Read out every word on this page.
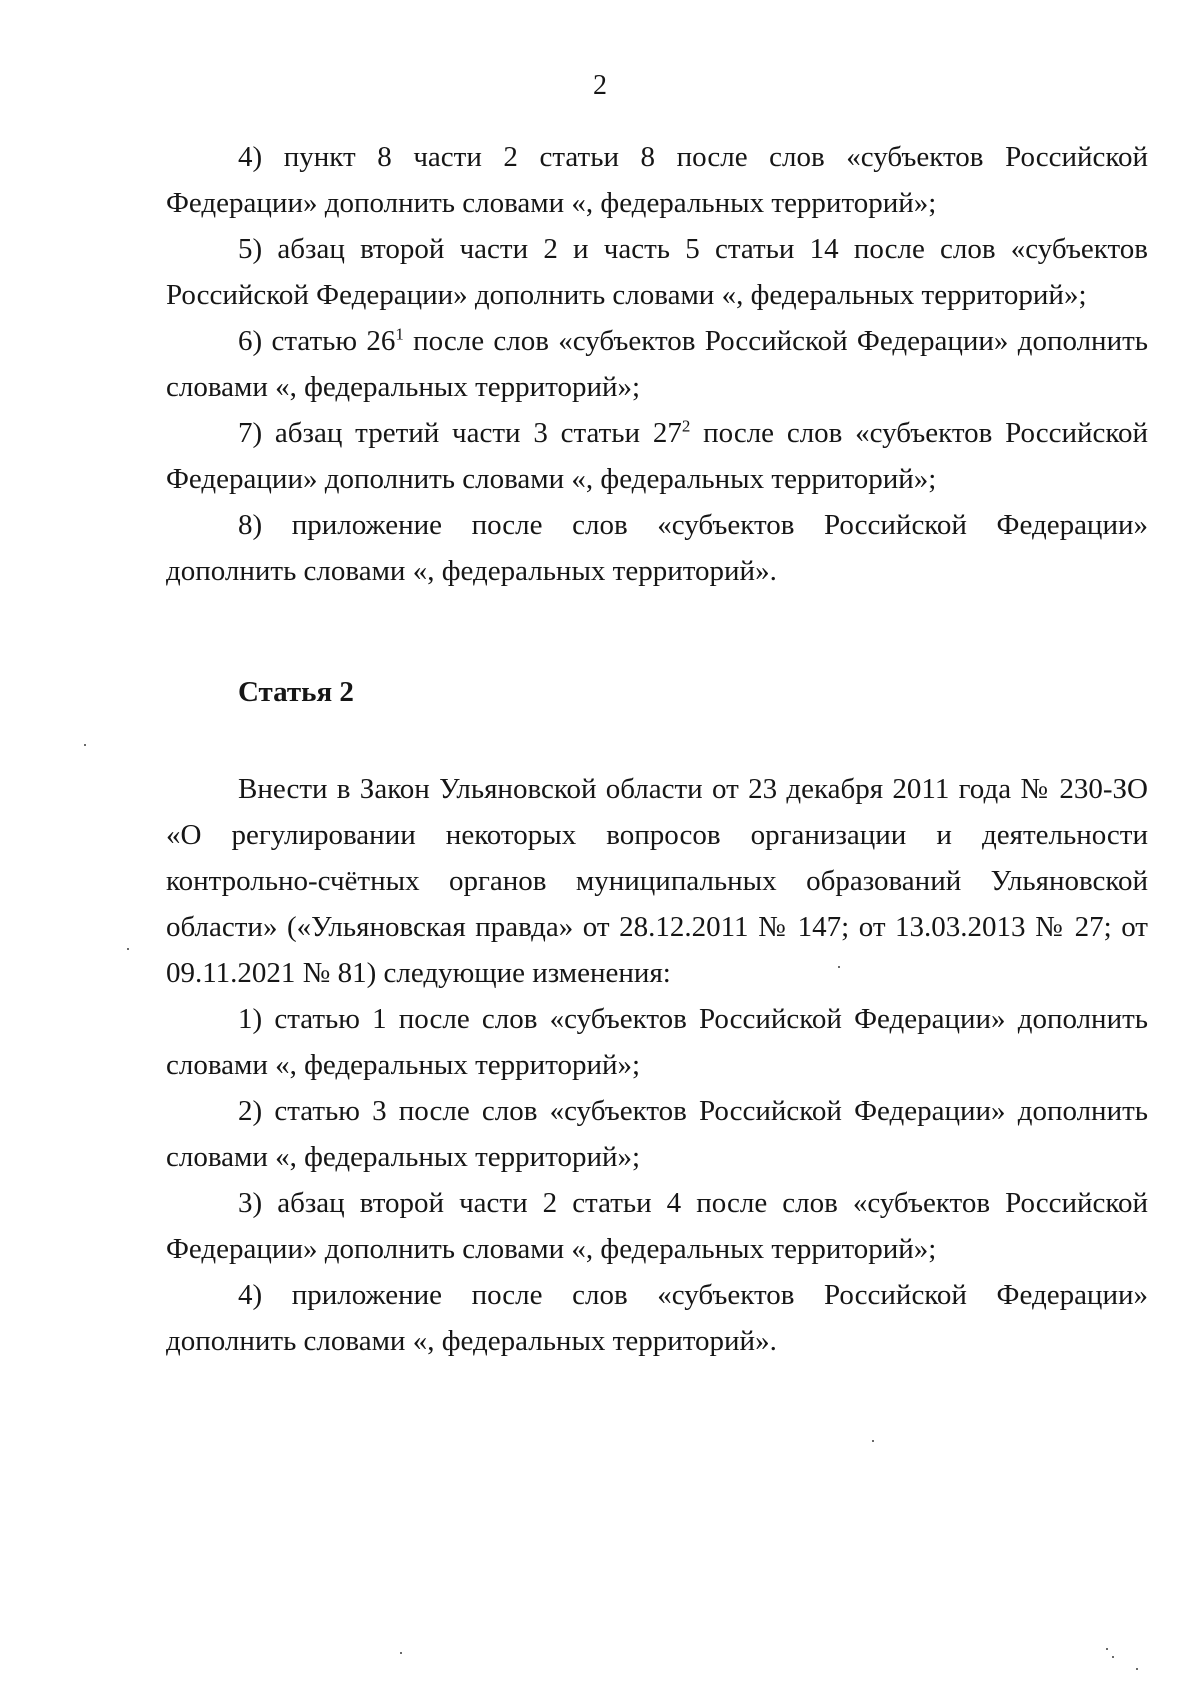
2

4) пункт 8 части 2 статьи 8 после слов «субъектов Российской Федерации» дополнить словами «, федеральных территорий»;

5) абзац второй части 2 и часть 5 статьи 14 после слов «субъектов Российской Федерации» дополнить словами «, федеральных территорий»;

6) статью $26^1$ после слов «субъектов Российской Федерации» дополнить словами «, федеральных территорий»;

7) абзац третий части 3 статьи $27^2$ после слов «субъектов Российской Федерации» дополнить словами «, федеральных территорий»;

8) приложение после слов «субъектов Российской Федерации» дополнить словами «, федеральных территорий».

Статья 2

Внести в Закон Ульяновской области от 23 декабря 2011 года № 230-ЗО «О регулировании некоторых вопросов организации и деятельности контрольно-счётных органов муниципальных образований Ульяновской области» («Ульяновская правда» от 28.12.2011 № 147; от 13.03.2013 № 27; от 09.11.2021 № 81) следующие изменения:

1) статью 1 после слов «субъектов Российской Федерации» дополнить словами «, федеральных территорий»;

2) статью 3 после слов «субъектов Российской Федерации» дополнить словами «, федеральных территорий»;

3) абзац второй части 2 статьи 4 после слов «субъектов Российской Федерации» дополнить словами «, федеральных территорий»;

4) приложение после слов «субъектов Российской Федерации» дополнить словами «, федеральных территорий».
